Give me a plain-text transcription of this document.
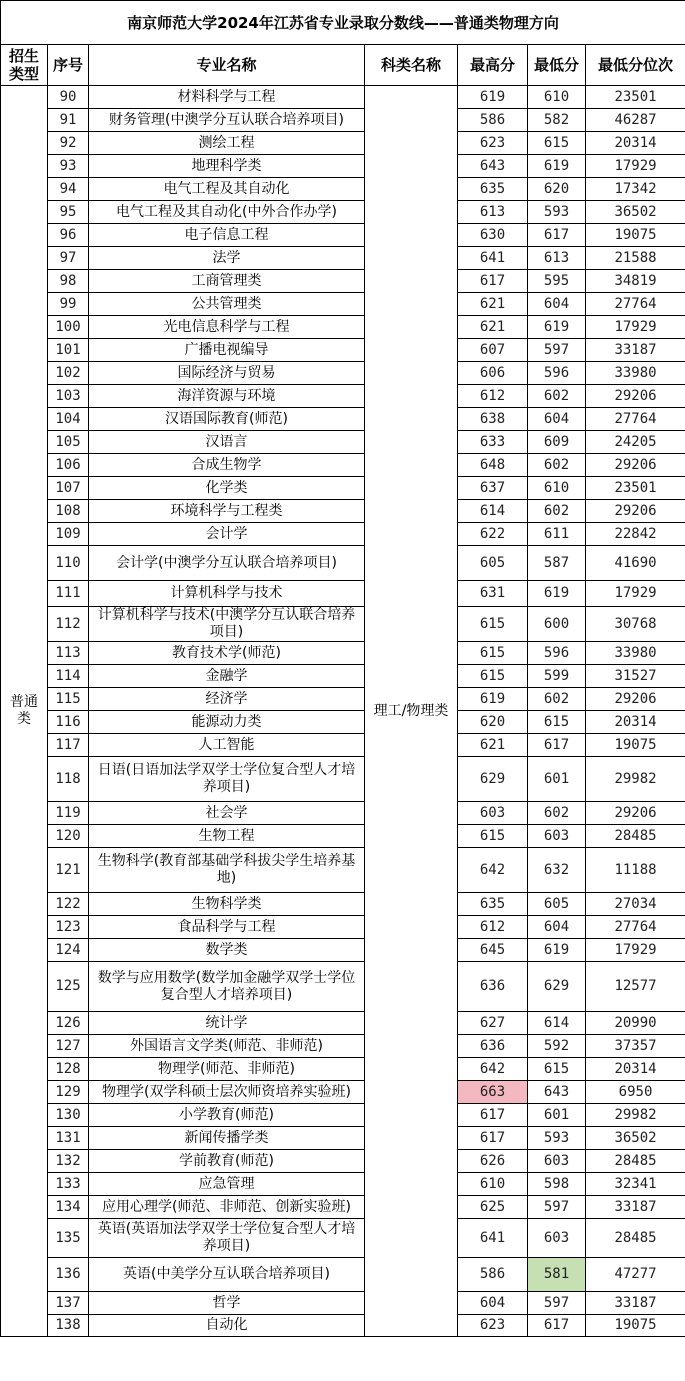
南京师范大学2024年江苏省专业录取分数线——普通类物理方向						
招生类型	序号	专业名称	科类名称	最高分	最低分	最低分位次
普通类	90	材料科学与工程	理工/物理类	619	610	23501
	91	财务管理(中澳学分互认联合培养项目)		586	582	46287
	92	测绘工程		623	615	20314
	93	地理科学类		643	619	17929
	94	电气工程及其自动化		635	620	17342
	95	电气工程及其自动化(中外合作办学)		613	593	36502
	96	电子信息工程		630	617	19075
	97	法学		641	613	21588
	98	工商管理类		617	595	34819
	99	公共管理类		621	604	27764
	100	光电信息科学与工程		621	619	17929
	101	广播电视编导		607	597	33187
	102	国际经济与贸易		606	596	33980
	103	海洋资源与环境		612	602	29206
	104	汉语国际教育(师范)		638	604	27764
	105	汉语言		633	609	24205
	106	合成生物学		648	602	29206
	107	化学类		637	610	23501
	108	环境科学与工程类		614	602	29206
	109	会计学		622	611	22842
	110	会计学(中澳学分互认联合培养项目)		605	587	41690
	111	计算机科学与技术		631	619	17929
	112	计算机科学与技术(中澳学分互认联合培养项目)		615	600	30768
	113	教育技术学(师范)		615	596	33980
	114	金融学		615	599	31527
	115	经济学		619	602	29206
	116	能源动力类		620	615	20314
	117	人工智能		621	617	19075
	118	日语(日语加法学双学士学位复合型人才培养项目)		629	601	29982
	119	社会学		603	602	29206
	120	生物工程		615	603	28485
	121	生物科学(教育部基础学科拔尖学生培养基地)		642	632	11188
	122	生物科学类		635	605	27034
	123	食品科学与工程		612	604	27764
	124	数学类		645	619	17929
	125	数学与应用数学(数学加金融学双学士学位复合型人才培养项目)		636	629	12577
	126	统计学		627	614	20990
	127	外国语言文学类(师范、非师范)		636	592	37357
	128	物理学(师范、非师范)		642	615	20314
	129	物理学(双学科硕士层次师资培养实验班)		663	643	6950
	130	小学教育(师范)		617	601	29982
	131	新闻传播学类		617	593	36502
	132	学前教育(师范)		626	603	28485
	133	应急管理		610	598	32341
	134	应用心理学(师范、非师范、创新实验班)		625	597	33187
	135	英语(英语加法学双学士学位复合型人才培养项目)		641	603	28485
	136	英语(中美学分互认联合培养项目)		586	581	47277
	137	哲学		604	597	33187
	138	自动化		623	617	19075
